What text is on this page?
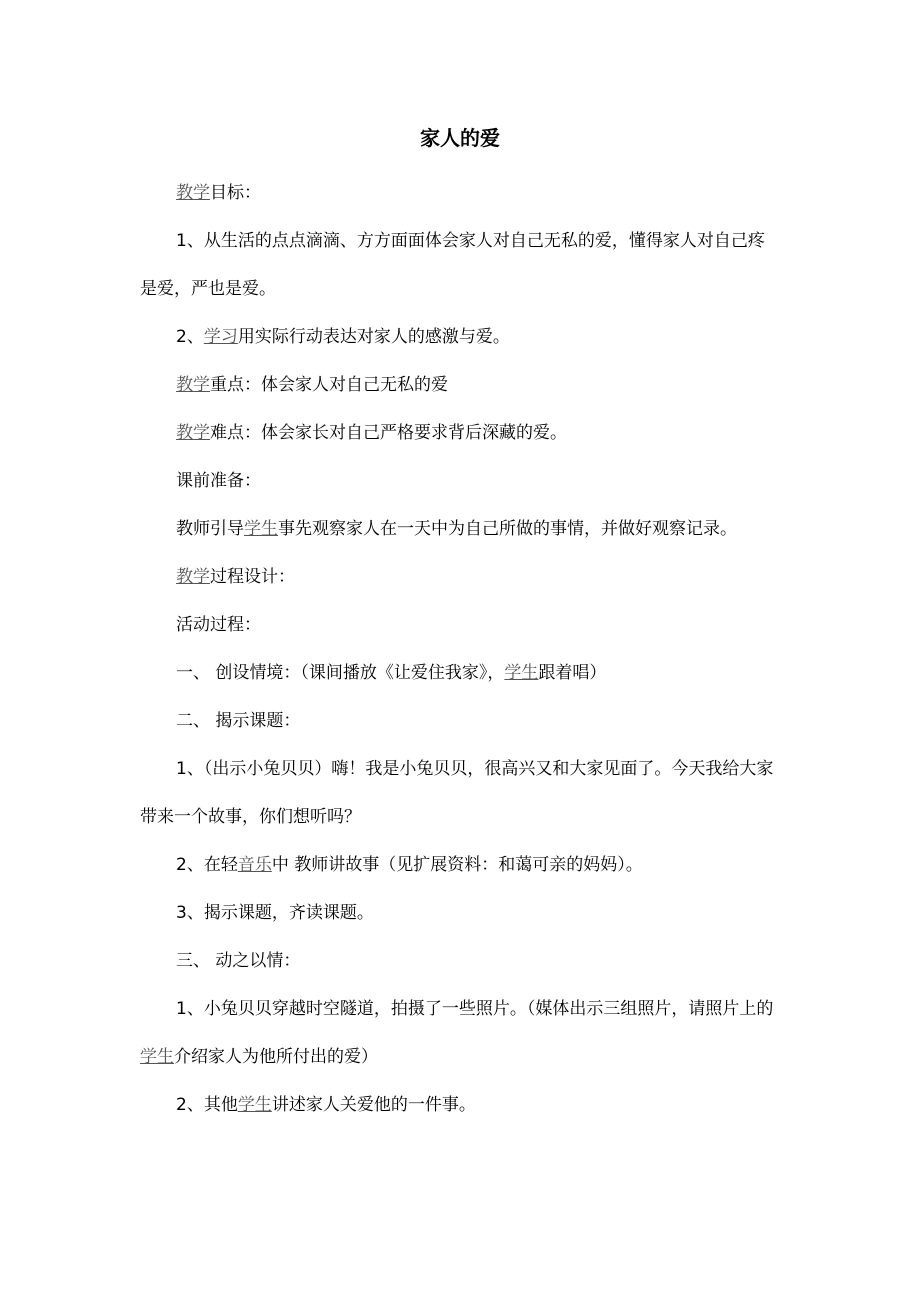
家人的爱

教学目标：

1、从生活的点点滴滴、方方面面体会家人对自己无私的爱，懂得家人对自己疼是爱，严也是爱。

2、学习用实际行动表达对家人的感激与爱。

教学重点：体会家人对自己无私的爱

教学难点：体会家长对自己严格要求背后深藏的爱。

课前准备：

教师引导学生事先观察家人在一天中为自己所做的事情，并做好观察记录。

教学过程设计：

活动过程：

一、 创设情境：（课间播放《让爱住我家》，学生跟着唱）

二、 揭示课题：

1、（出示小兔贝贝）嗨！我是小兔贝贝，很高兴又和大家见面了。今天我给大家带来一个故事，你们想听吗？

2、在轻音乐中 教师讲故事（见扩展资料：和蔼可亲的妈妈）。

3、揭示课题，齐读课题。

三、 动之以情：

1、小兔贝贝穿越时空隧道，拍摄了一些照片。（媒体出示三组照片，请照片上的学生介绍家人为他所付出的爱）

2、其他学生讲述家人关爱他的一件事。
